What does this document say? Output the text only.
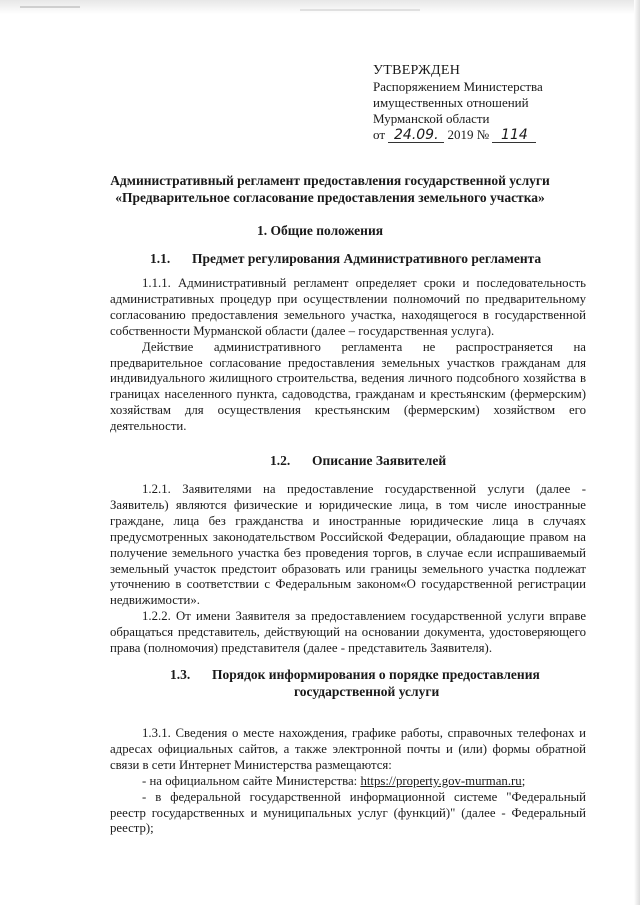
УТВЕРЖДЕН
Распоряжением Министерства
имущественных отношений
Мурманской области
от 24.09. 2019 № 114
Административный регламент предоставления государственной услуги
«Предварительное согласование предоставления земельного участка»
1. Общие положения
1.1. Предмет регулирования Административного регламента

1.1.1. Административный регламент определяет сроки и последовательность административных процедур при осуществлении полномочий по предварительному согласованию предоставления земельного участка, находящегося в государственной собственности Мурманской области (далее – государственная услуга).

Действие административного регламента не распространяется на предварительное согласование предоставления земельных участков гражданам для индивидуального жилищного строительства, ведения личного подсобного хозяйства в границах населенного пункта, садоводства, гражданам и крестьянским (фермерским) хозяйствам для осуществления крестьянским (фермерским) хозяйством его деятельности.

1.2. Описание Заявителей

1.2.1. Заявителями на предоставление государственной услуги (далее - Заявитель) являются физические и юридические лица, в том числе иностранные граждане, лица без гражданства и иностранные юридические лица в случаях предусмотренных законодательством Российской Федерации, обладающие правом на получение земельного участка без проведения торгов, в случае если испрашиваемый земельный участок предстоит образовать или границы земельного участка подлежат уточнению в соответствии с Федеральным законом«О государственной регистрации недвижимости».

1.2.2. От имени Заявителя за предоставлением государственной услуги вправе обращаться представитель, действующий на основании документа, удостоверяющего права (полномочия) представителя (далее - представитель Заявителя).

1.3. Порядок информирования о порядке предоставления
государственной услуги

1.3.1. Сведения о месте нахождения, графике работы, справочных телефонах и адресах официальных сайтов, а также электронной почты и (или) формы обратной связи в сети Интернет Министерства размещаются:

- на официальном сайте Министерства: https://property.gov-murman.ru;

- в федеральной государственной информационной системе "Федеральный реестр государственных и муниципальных услуг (функций)" (далее - Федеральный реестр);
